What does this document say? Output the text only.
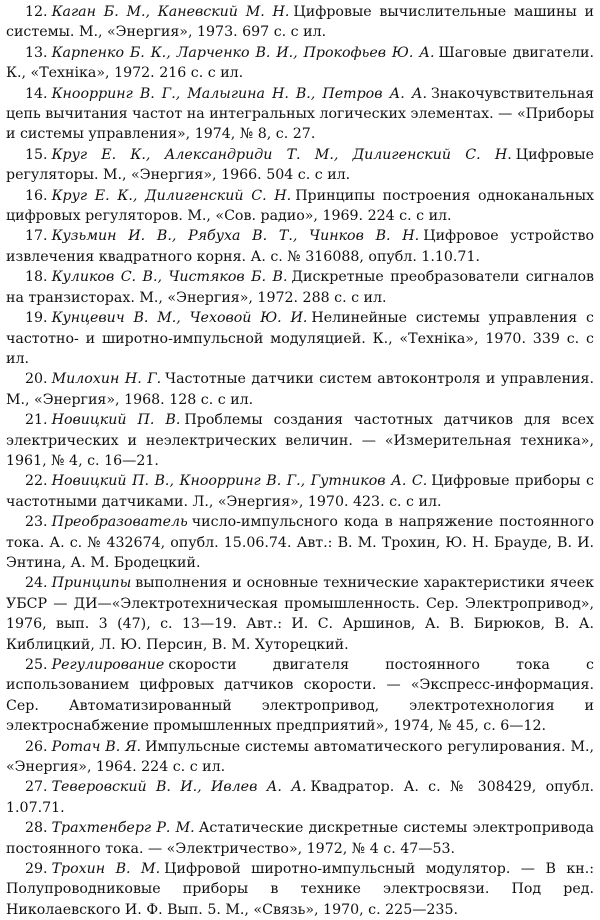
12. Каган Б. М., Каневский М. Н. Цифровые вычислительные машины и системы. М., «Энергия», 1973. 697 с. с ил.

13. Карпенко Б. К., Ларченко В. И., Прокофьев Ю. А. Шаговые двигатели. К., «Техніка», 1972. 216 с. с ил.

14. Кноорринг В. Г., Малыгина Н. В., Петров А. А. Знакочувствительная цепь вычитания частот на интегральных логических элементах. — «Приборы и системы управления», 1974, № 8, с. 27.

15. Круг Е. К., Александриди Т. М., Дилигенский С. Н. Цифровые регуляторы. М., «Энергия», 1966. 504 с. с ил.

16. Круг Е. К., Дилигенский С. Н. Принципы построения одноканальных цифровых регуляторов. М., «Сов. радио», 1969. 224 с. с ил.

17. Кузьмин И. В., Рябуха В. Т., Чинков В. Н. Цифровое устройство извлечения квадратного корня. А. с. № 316088, опубл. 1.10.71.

18. Куликов С. В., Чистяков Б. В. Дискретные преобразователи сигналов на транзисторах. М., «Энергия», 1972. 288 с. с ил.

19. Кунцевич В. М., Чеховой Ю. И. Нелинейные системы управления с частотно- и широтно-импульсной модуляцией. К., «Техніка», 1970. 339 с. с ил.

20. Милохин Н. Г. Частотные датчики систем автоконтроля и управления. М., «Энергия», 1968. 128 с. с ил.

21. Новицкий П. В. Проблемы создания частотных датчиков для всех электрических и неэлектрических величин. — «Измерительная техника», 1961, № 4, с. 16—21.

22. Новицкий П. В., Кноорринг В. Г., Гутников А. С. Цифровые приборы с частотными датчиками. Л., «Энергия», 1970. 423. с. с ил.

23. Преобразователь число-импульсного кода в напряжение постоянного тока. А. с. № 432674, опубл. 15.06.74. Авт.: В. М. Трохин, Ю. Н. Брауде, В. И. Энтина, А. М. Бродецкий.

24. Принципы выполнения и основные технические характеристики ячеек УБСР — ДИ—«Электротехническая промышленность. Сер. Электропривод», 1976, вып. 3 (47), с. 13—19. Авт.: И. С. Аршинов, А. В. Бирюков, В. А. Киблицкий, Л. Ю. Персин, В. М. Хуторецкий.

25. Регулирование скорости двигателя постоянного тока с использованием цифровых датчиков скорости. — «Экспресс-информация. Сер. Автоматизированный электропривод, электротехнология и электроснабжение промышленных предприятий», 1974, № 45, с. 6—12.

26. Ротач В. Я. Импульсные системы автоматического регулирования. М., «Энергия», 1964. 224 с. с ил.

27. Теверовский В. И., Ивлев А. А. Квадратор. А. с. № 308429, опубл. 1.07.71.

28. Трахтенберг Р. М. Астатические дискретные системы электропривода постоянного тока. — «Электричество», 1972, № 4 с. 47—53.

29. Трохин В. М. Цифровой широтно-импульсный модулятор. — В кн.: Полупроводниковые приборы в технике электросвязи. Под ред. Николаевского И. Ф. Вып. 5. М., «Связь», 1970, с. 225—235.
